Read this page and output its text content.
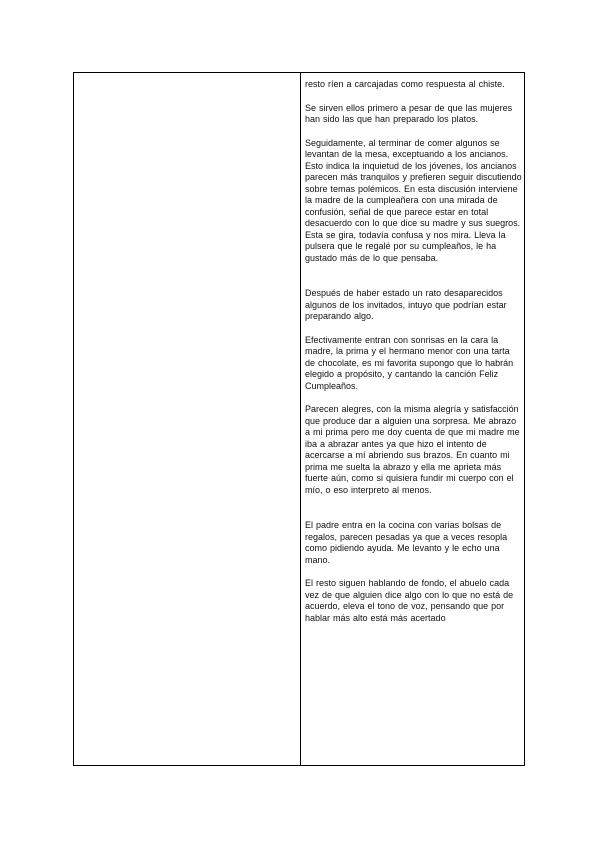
resto ríen a carcajadas como respuesta al chiste.

Se sirven ellos primero a pesar de que las mujeres han sido las que han preparado los platos.

Seguidamente, al terminar de comer algunos se levantan de la mesa, exceptuando a los ancianos. Esto indica la inquietud de los jóvenes, los ancianos parecen más tranquilos y prefieren seguir discutiendo sobre temas polémicos. En esta discusión interviene la madre de la cumpleañera con una mirada de confusión, señal de que parece estar en total desacuerdo con lo que dice su madre y sus suegros. Esta se gira, todavía confusa y nos mira. Lleva la pulsera que le regalé por su cumpleaños, le ha gustado más de lo que pensaba.

Después de haber estado un rato desaparecidos algunos de los invitados, intuyo que podrían estar preparando algo.

Efectivamente entran con sonrisas en la cara la madre, la prima y el hermano menor con una tarta de chocolate, es mi favorita supongo que lo habrán elegido a propósito, y cantando la canción Feliz Cumpleaños.

Parecen alegres, con la misma alegría y satisfacción que produce dar a alguien una sorpresa. Me abrazo a mi prima pero me doy cuenta de que mi madre me iba a abrazar antes ya que hizo el intento de acercarse a mí abriendo sus brazos. En cuanto mi prima me suelta la abrazo y ella me aprieta más fuerte aún, como si quisiera fundir mi cuerpo con el mío, o eso interpreto al menos.

El padre entra en la cocina con varias bolsas de regalos, parecen pesadas ya que a veces resopla como pidiendo ayuda. Me levanto y le echo una mano.

El resto siguen hablando de fondo, el abuelo cada vez de que alguien dice algo con lo que no está de acuerdo, eleva el tono de voz, pensando que por hablar más alto está más acertado
